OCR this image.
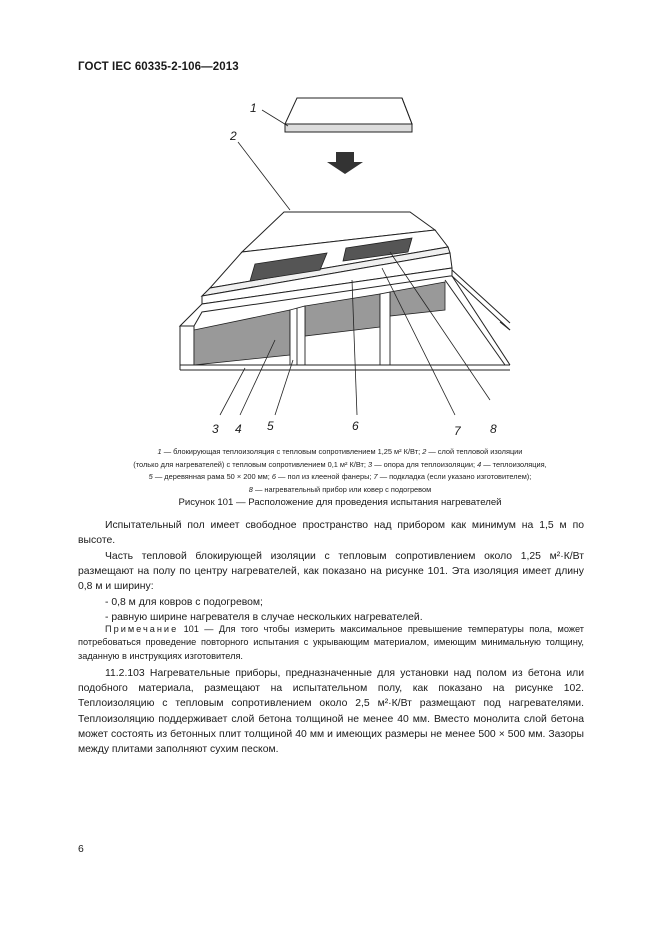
ГОСТ IEC 60335-2-106—2013
1
2
3 4 5	6	7 8
1 — блокирующая теплоизоляция с тепловым сопротивлением 1,25 м² К/Вт; 2 — слой тепловой изоляции
(только для нагревателей) с тепловым сопротивлением 0,1 м² К/Вт; 3 — опора для теплоизоляции; 4 — теплоизоляция,
5 — деревянная рама 50 × 200 мм; 6 — пол из клееной фанеры; 7 — подкладка (если указано изготовителем);
8 — нагревательный прибор или ковер с подогревом
Рисунок 101 — Расположение для проведения испытания нагревателей

Испытательный пол имеет свободное пространство над прибором как минимум на 1,5 м по высоте.

Часть тепловой блокирующей изоляции с тепловым сопротивлением около 1,25 м²·К/Вт размещают на полу по центру нагревателей, как показано на рисунке 101. Эта изоляция имеет длину 0,8 м и ширину:

- 0,8 м для ковров с подогревом;
- равную ширине нагревателя в случае нескольких нагревателей.

Примечание 101 — Для того чтобы измерить максимальное превышение температуры пола, может потребоваться проведение повторного испытания с укрывающим материалом, имеющим минимальную толщину, заданную в инструкциях изготовителя.

11.2.103 Нагревательные приборы, предназначенные для установки над полом из бетона или подобного материала, размещают на испытательном полу, как показано на рисунке 102. Теплоизоляцию с тепловым сопротивлением около 2,5 м²·К/Вт размещают под нагревателями. Теплоизоляцию поддерживает слой бетона толщиной не менее 40 мм. Вместо монолита слой бетона может состоять из бетонных плит толщиной 40 мм и имеющих размеры не менее 500 × 500 мм. Зазоры между плитами заполняют сухим песком.

6
